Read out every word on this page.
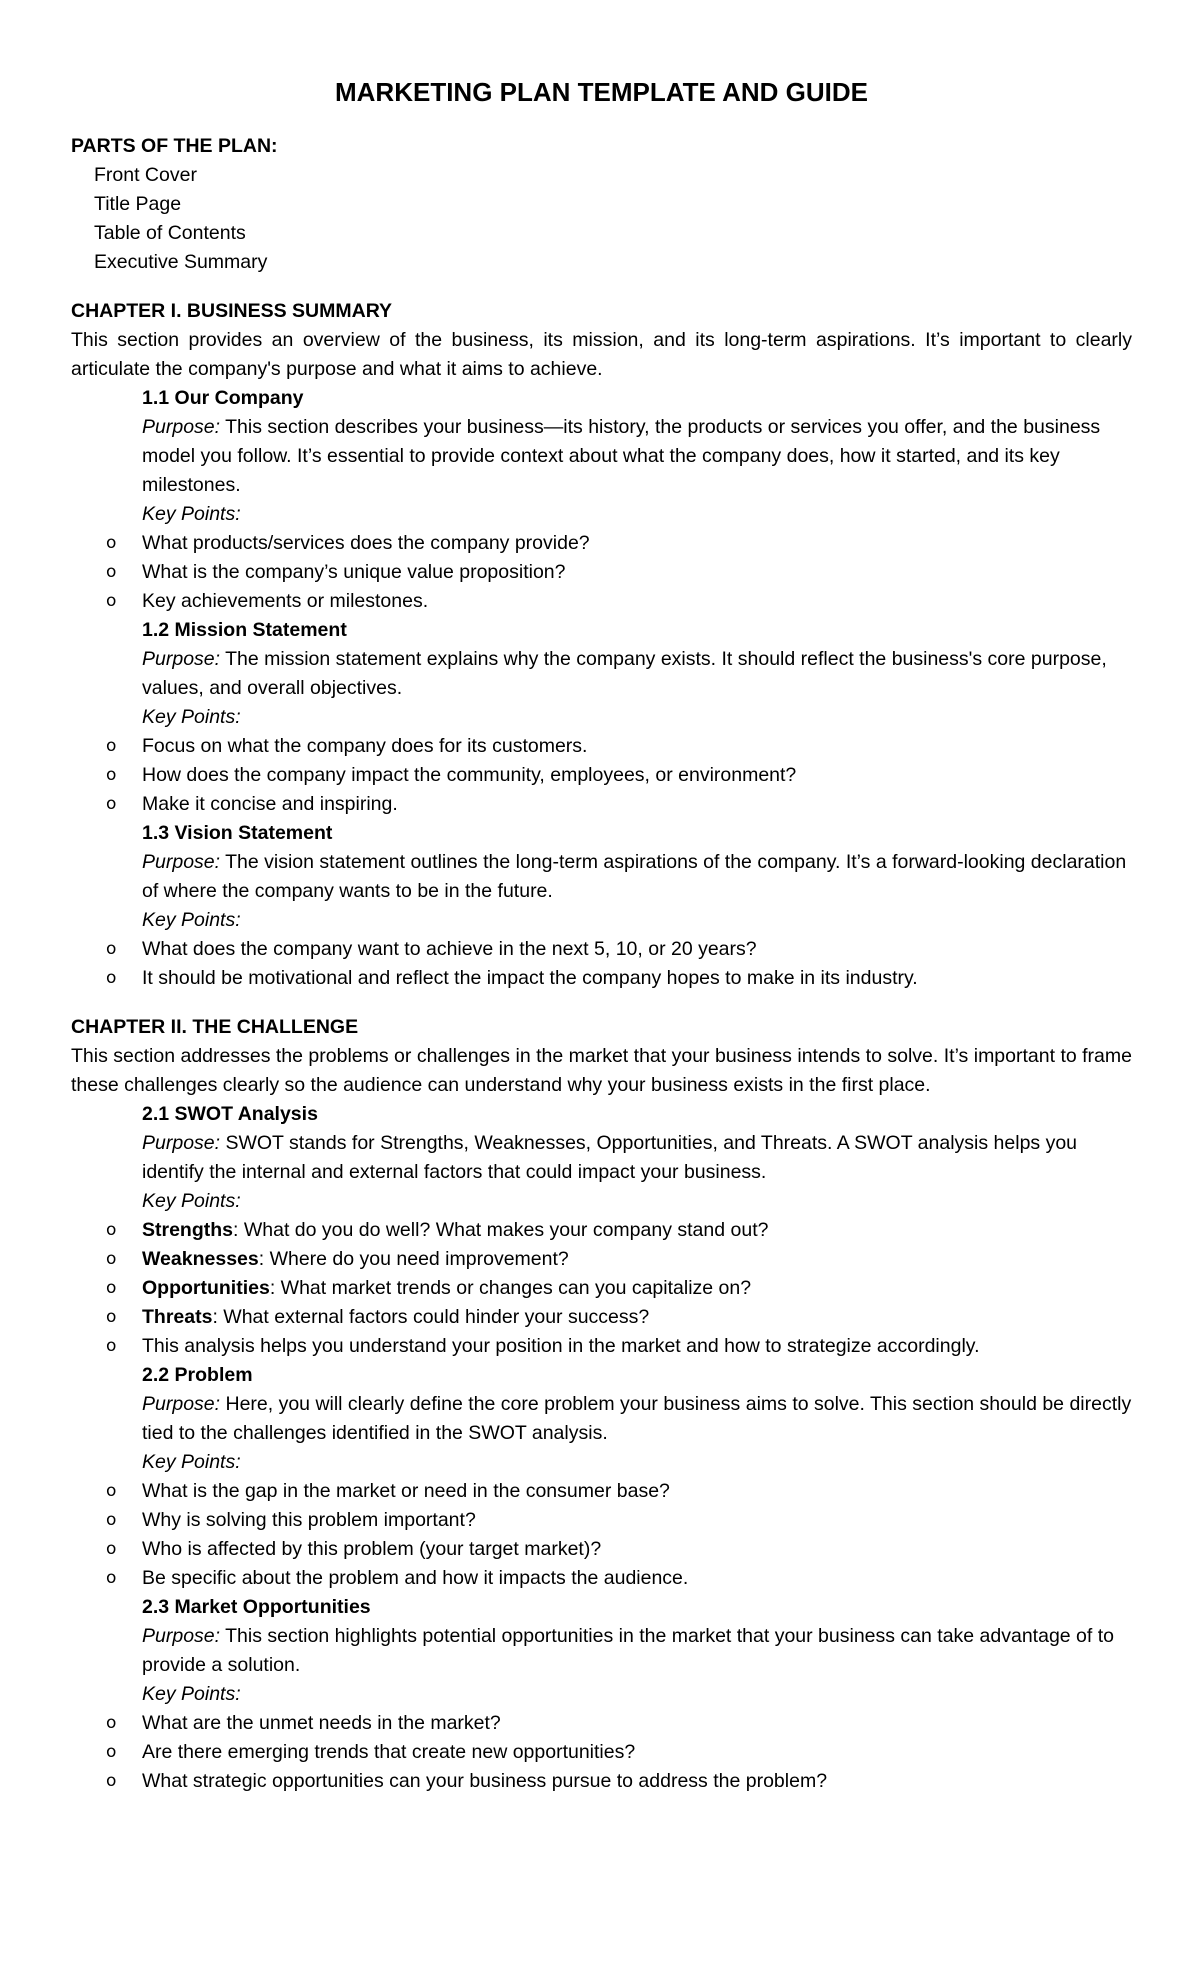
MARKETING PLAN TEMPLATE AND GUIDE
PARTS OF THE PLAN:
Front Cover
Title Page
Table of Contents
Executive Summary
CHAPTER I. BUSINESS SUMMARY
This section provides an overview of the business, its mission, and its long-term aspirations. It’s important to clearly articulate the company's purpose and what it aims to achieve.
1.1 Our Company
Purpose: This section describes your business—its history, the products or services you offer, and the business model you follow. It’s essential to provide context about what the company does, how it started, and its key milestones.
Key Points:
o What products/services does the company provide?
o What is the company’s unique value proposition?
o Key achievements or milestones.
1.2 Mission Statement
Purpose: The mission statement explains why the company exists. It should reflect the business's core purpose, values, and overall objectives.
Key Points:
o Focus on what the company does for its customers.
o How does the company impact the community, employees, or environment?
o Make it concise and inspiring.
1.3 Vision Statement
Purpose: The vision statement outlines the long-term aspirations of the company. It’s a forward-looking declaration of where the company wants to be in the future.
Key Points:
o What does the company want to achieve in the next 5, 10, or 20 years?
o It should be motivational and reflect the impact the company hopes to make in its industry.
CHAPTER II. THE CHALLENGE
This section addresses the problems or challenges in the market that your business intends to solve. It’s important to frame these challenges clearly so the audience can understand why your business exists in the first place.
2.1 SWOT Analysis
Purpose: SWOT stands for Strengths, Weaknesses, Opportunities, and Threats. A SWOT analysis helps you identify the internal and external factors that could impact your business.
Key Points:
o Strengths: What do you do well? What makes your company stand out?
o Weaknesses: Where do you need improvement?
o Opportunities: What market trends or changes can you capitalize on?
o Threats: What external factors could hinder your success?
o This analysis helps you understand your position in the market and how to strategize accordingly.
2.2 Problem
Purpose: Here, you will clearly define the core problem your business aims to solve. This section should be directly tied to the challenges identified in the SWOT analysis.
Key Points:
o What is the gap in the market or need in the consumer base?
o Why is solving this problem important?
o Who is affected by this problem (your target market)?
o Be specific about the problem and how it impacts the audience.
2.3 Market Opportunities
Purpose: This section highlights potential opportunities in the market that your business can take advantage of to provide a solution.
Key Points:
o What are the unmet needs in the market?
o Are there emerging trends that create new opportunities?
o What strategic opportunities can your business pursue to address the problem?
